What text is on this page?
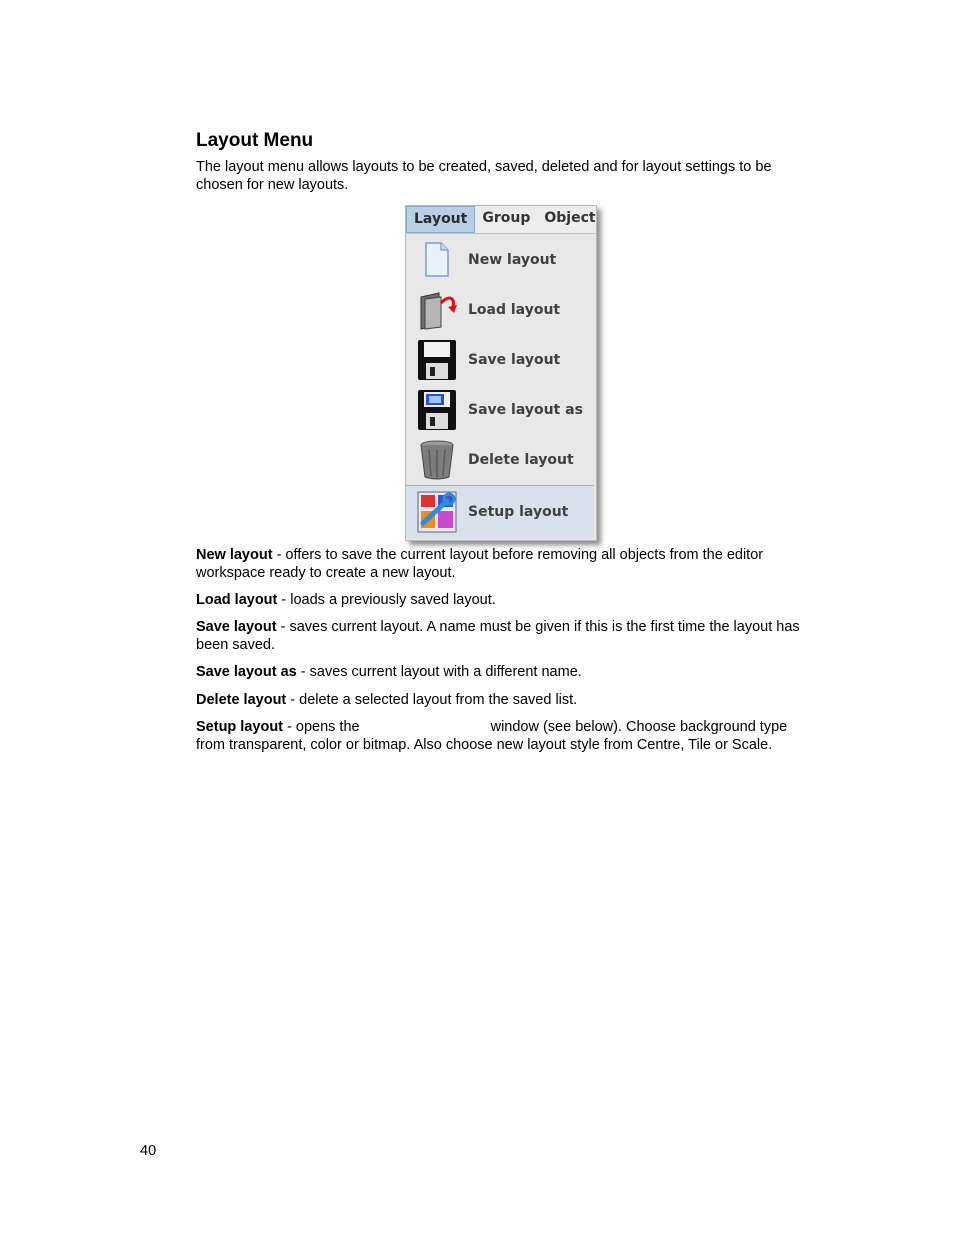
Layout Menu

The layout menu allows layouts to be created, saved, deleted and for layout settings to be chosen for new layouts.

Layout	Group	Object
New layout
Load layout
Save layout
Save layout as
Delete layout
Setup layout

New layout - offers to save the current layout before removing all objects from the editor workspace ready to create a new layout.

Load layout - loads a previously saved layout.

Save layout - saves current layout. A name must be given if this is the first time the layout has been saved.

Save layout as - saves current layout with a different name.

Delete layout - delete a selected layout from the saved list.

Setup layout - opens the	window (see below). Choose background type from transparent, color or bitmap. Also choose new layout style from Centre, Tile or Scale.

40
